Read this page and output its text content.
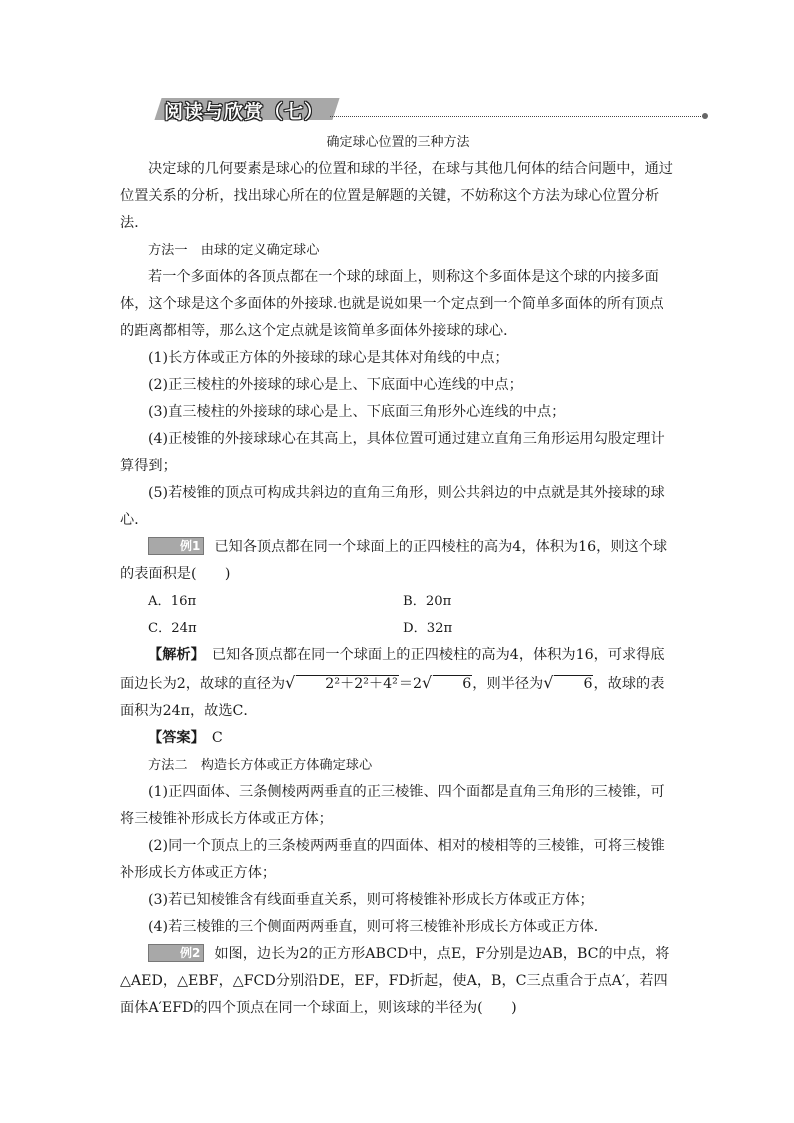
阅读与欣赏（七）

确定球心位置的三种方法

决定球的几何要素是球心的位置和球的半径，在球与其他几何体的结合问题中，通过位置关系的分析，找出球心所在的位置是解题的关键，不妨称这个方法为球心位置分析法．

方法一　由球的定义确定球心

若一个多面体的各顶点都在一个球的球面上，则称这个多面体是这个球的内接多面体，这个球是这个多面体的外接球.也就是说如果一个定点到一个简单多面体的所有顶点的距离都相等，那么这个定点就是该简单多面体外接球的球心．

(1)长方体或正方体的外接球的球心是其体对角线的中点；

(2)正三棱柱的外接球的球心是上、下底面中心连线的中点；

(3)直三棱柱的外接球的球心是上、下底面三角形外心连线的中点；

(4)正棱锥的外接球球心在其高上，具体位置可通过建立直角三角形运用勾股定理计算得到；

(5)若棱锥的顶点可构成共斜边的直角三角形，则公共斜边的中点就是其外接球的球心．

例1 已知各顶点都在同一个球面上的正四棱柱的高为4，体积为16，则这个球的表面积是(　　)

A．16π	B．20π
C．24π	D．32π

【解析】　 已知各顶点都在同一个球面上的正四棱柱的高为4，体积为16，可求得底面边长为2，故球的直径为√ 2²＋2²＋4²＝2√ 6，则半径为√ 6，故球的表面积为24π，故选C．

【答案】　 C

方法二　构造长方体或正方体确定球心

(1)正四面体、三条侧棱两两垂直的正三棱锥、四个面都是直角三角形的三棱锥，可将三棱锥补形成长方体或正方体；

(2)同一个顶点上的三条棱两两垂直的四面体、相对的棱相等的三棱锥，可将三棱锥补形成长方体或正方体；

(3)若已知棱锥含有线面垂直关系，则可将棱锥补形成长方体或正方体；

(4)若三棱锥的三个侧面两两垂直，则可将三棱锥补形成长方体或正方体．

例2 如图，边长为2的正方形ABCD中，点E，F分别是边AB，BC的中点，将△AED，△EBF，△FCD分别沿DE，EF，FD折起，使A，B，C三点重合于点A′，若四面体A′EFD的四个顶点在同一个球面上，则该球的半径为(　　)
